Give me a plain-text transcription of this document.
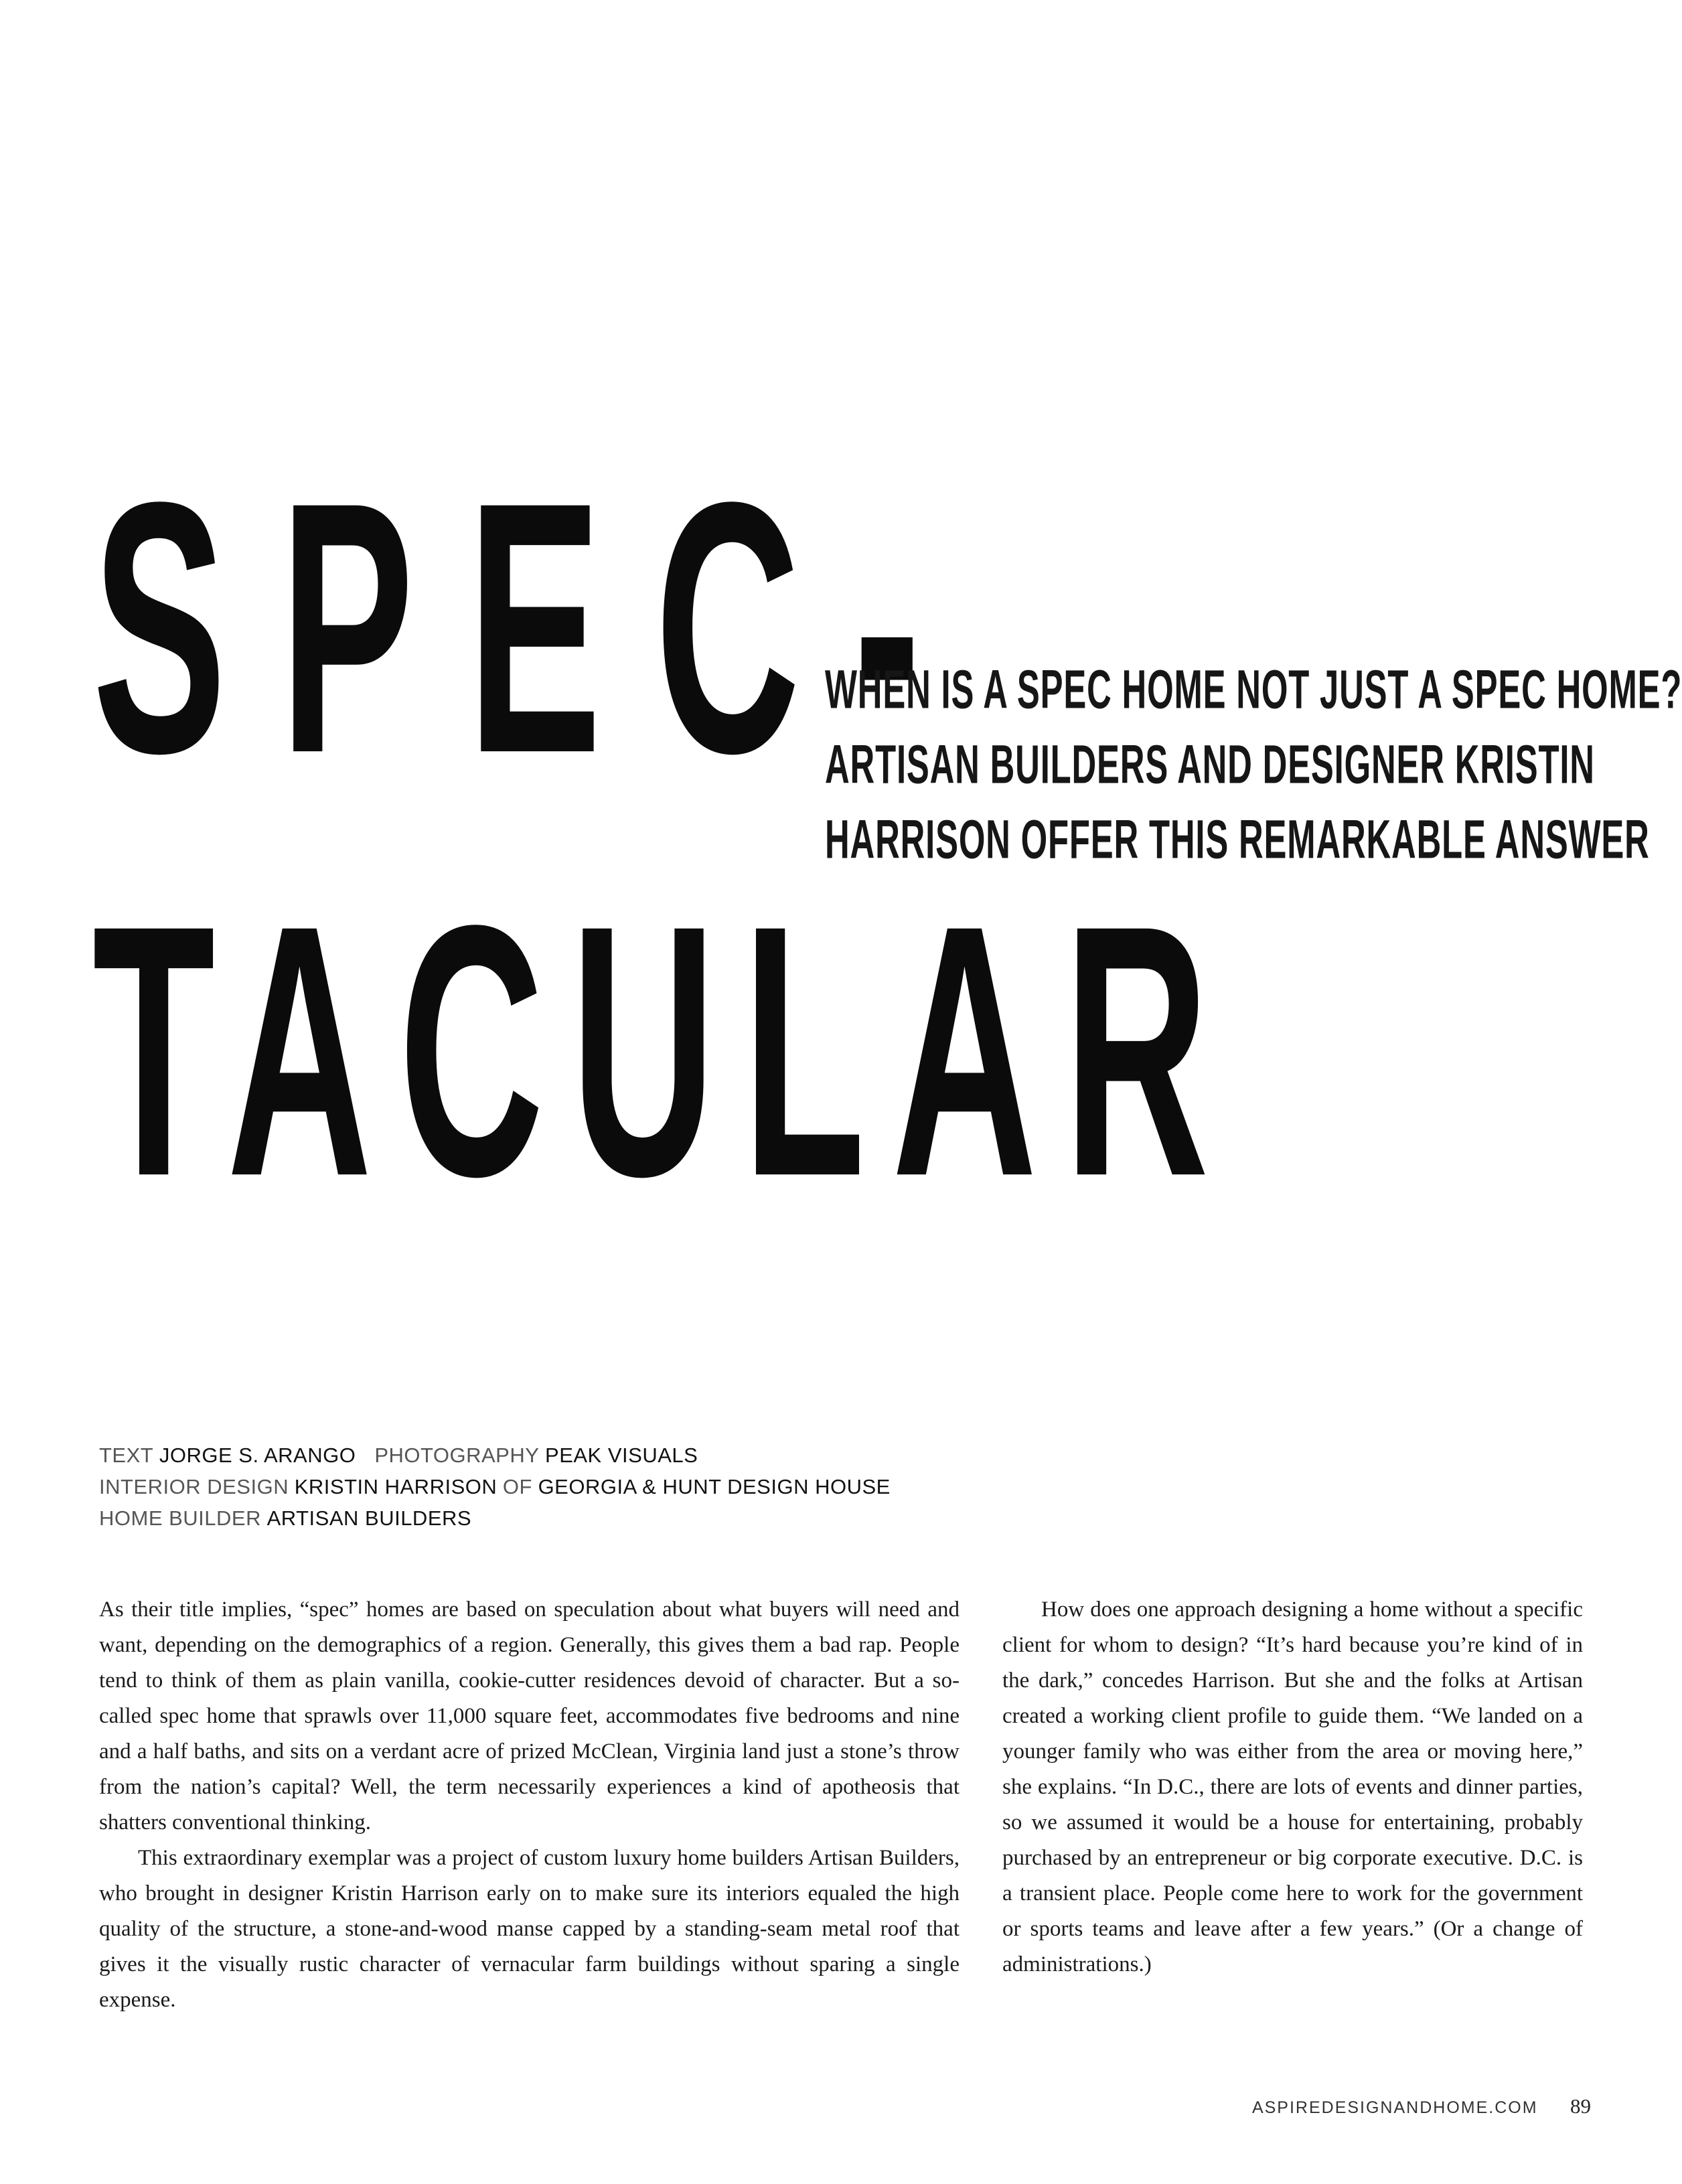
SPEC-
TACULAR
WHEN IS A SPEC HOME NOT JUST A SPEC HOME?
ARTISAN BUILDERS AND DESIGNER KRISTIN
HARRISON OFFER THIS REMARKABLE ANSWER
TEXT JORGE S. ARANGO PHOTOGRAPHY PEAK VISUALS
INTERIOR DESIGN KRISTIN HARRISON OF GEORGIA & HUNT DESIGN HOUSE
HOME BUILDER ARTISAN BUILDERS

As their title implies, “spec” homes are based on speculation about what buyers will need and want, depending on the demographics of a region. Generally, this gives them a bad rap. People tend to think of them as plain vanilla, cookie-cutter residences devoid of character. But a so-called spec home that sprawls over 11,000 square feet, accommodates five bedrooms and nine and a half baths, and sits on a verdant acre of prized McClean, Virginia land just a stone’s throw from the nation’s capital? Well, the term necessarily experiences a kind of apotheosis that shatters conventional thinking.

This extraordinary exemplar was a project of custom luxury home builders Artisan Builders, who brought in designer Kristin Harrison early on to make sure its interiors equaled the high quality of the structure, a stone-and-wood manse capped by a standing-seam metal roof that gives it the visually rustic character of vernacular farm buildings without sparing a single expense.

How does one approach designing a home without a specific client for whom to design? “It’s hard because you’re kind of in the dark,” concedes Harrison. But she and the folks at Artisan created a working client profile to guide them. “We landed on a younger family who was either from the area or moving here,” she explains. “In D.C., there are lots of events and dinner parties, so we assumed it would be a house for entertaining, probably purchased by an entrepreneur or big corporate executive. D.C. is a transient place. People come here to work for the government or sports teams and leave after a few years.” (Or a change of administrations.)

ASPIREDESIGNANDHOME.COM 89
